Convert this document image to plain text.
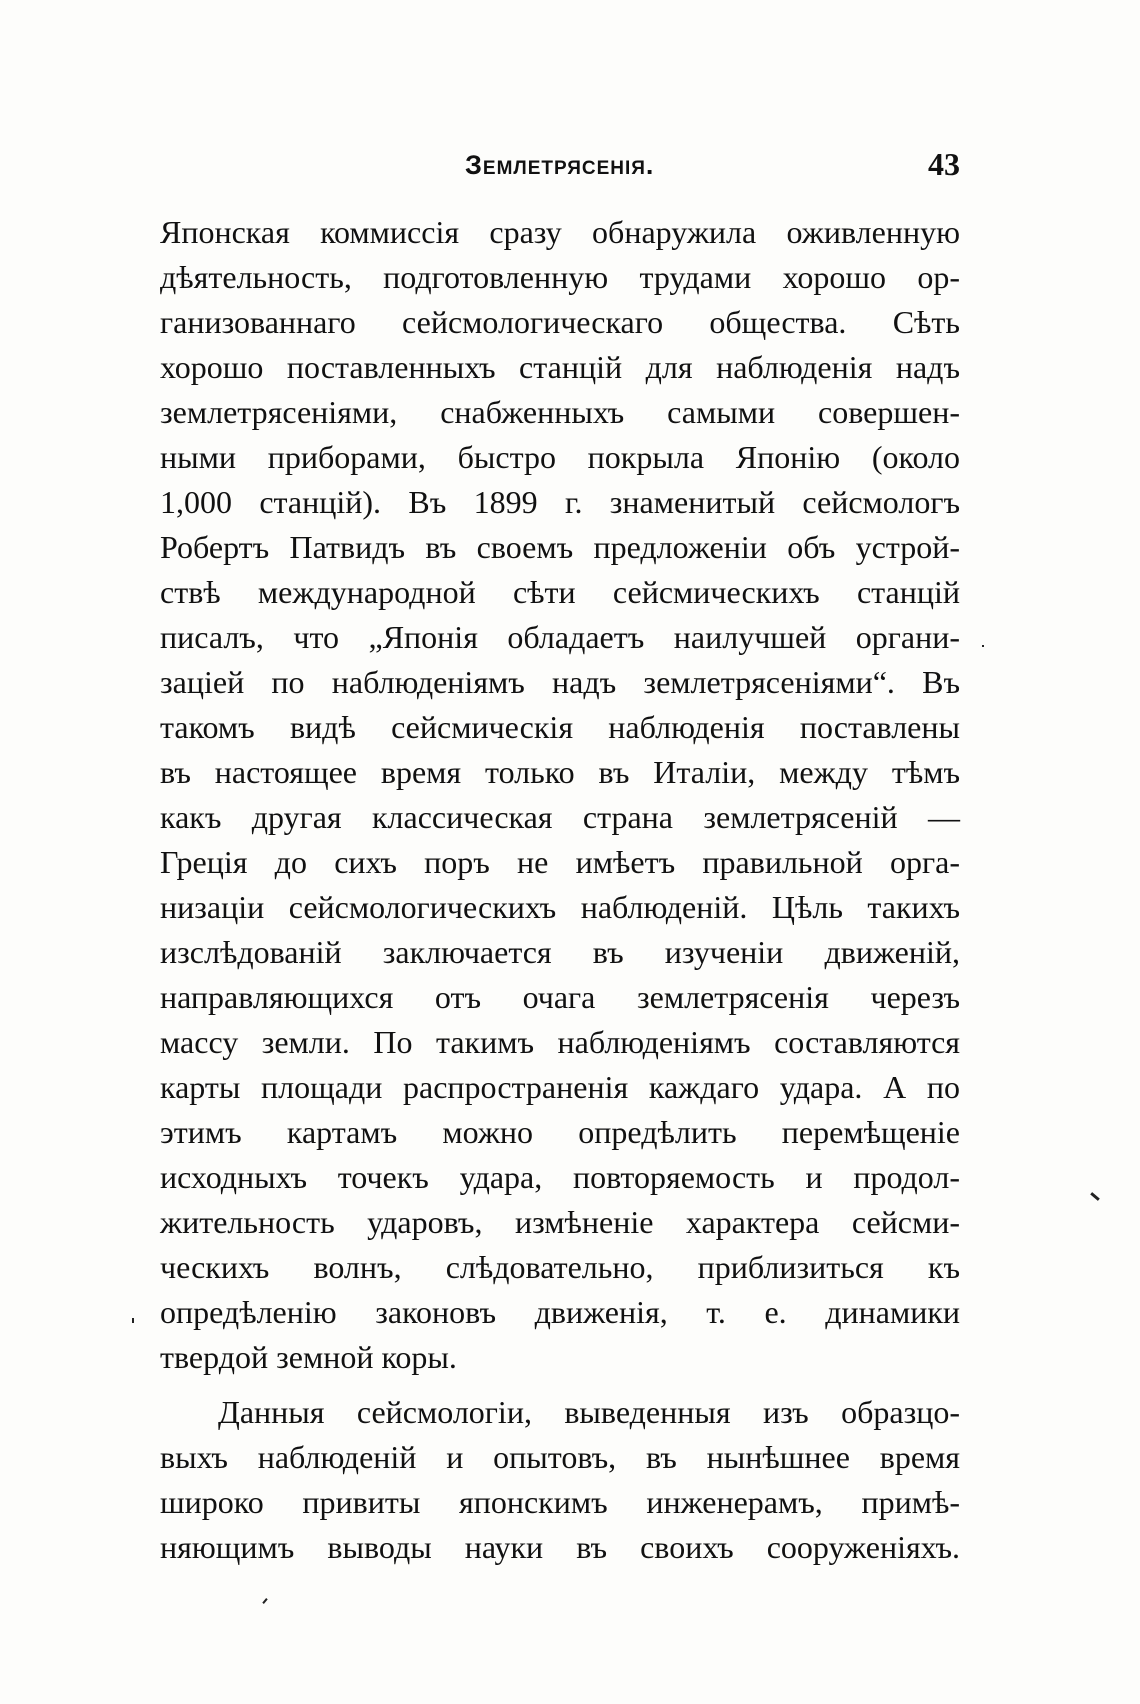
Землетрясенія.	43
Японская коммиссія сразу обнаружила оживленную
дѣятельность, подготовленную трудами хорошо ор-
ганизованнаго сейсмологическаго общества. Сѣть
хорошо поставленныхъ станцій для наблюденія надъ
землетрясеніями, снабженныхъ самыми совершен-
ными приборами, быстро покрыла Японію (около
1,000 станцій). Въ 1899 г. знаменитый сейсмологъ
Робертъ Патвидъ въ своемъ предложеніи объ устрой-
ствѣ международной сѣти сейсмическихъ станцій
писалъ, что „Японія обладаетъ наилучшей органи-
заціей по наблюденіямъ надъ землетрясеніями“. Въ
такомъ видѣ сейсмическія наблюденія поставлены
въ настоящее время только въ Италіи, между тѣмъ
какъ другая классическая страна землетрясеній —
Греція до сихъ поръ не имѣетъ правильной орга-
низаціи сейсмологическихъ наблюденій. Цѣль такихъ
изслѣдованій заключается въ изученіи движеній,
направляющихся отъ очага землетрясенія черезъ
массу земли. По такимъ наблюденіямъ составляются
карты площади распространенія каждаго удара. А по
этимъ картамъ можно опредѣлить перемѣщеніе
исходныхъ точекъ удара, повторяемость и продол-
жительность ударовъ, измѣненіе характера сейсми-
ческихъ волнъ, слѣдовательно, приблизиться къ
опредѣленію законовъ движенія, т. е. динамики
твердой земной коры.
Данныя сейсмологіи, выведенныя изъ образцо-
выхъ наблюденій и опытовъ, въ нынѣшнее время
широко привиты японскимъ инженерамъ, примѣ-
няющимъ выводы науки въ своихъ сооруженіяхъ.
